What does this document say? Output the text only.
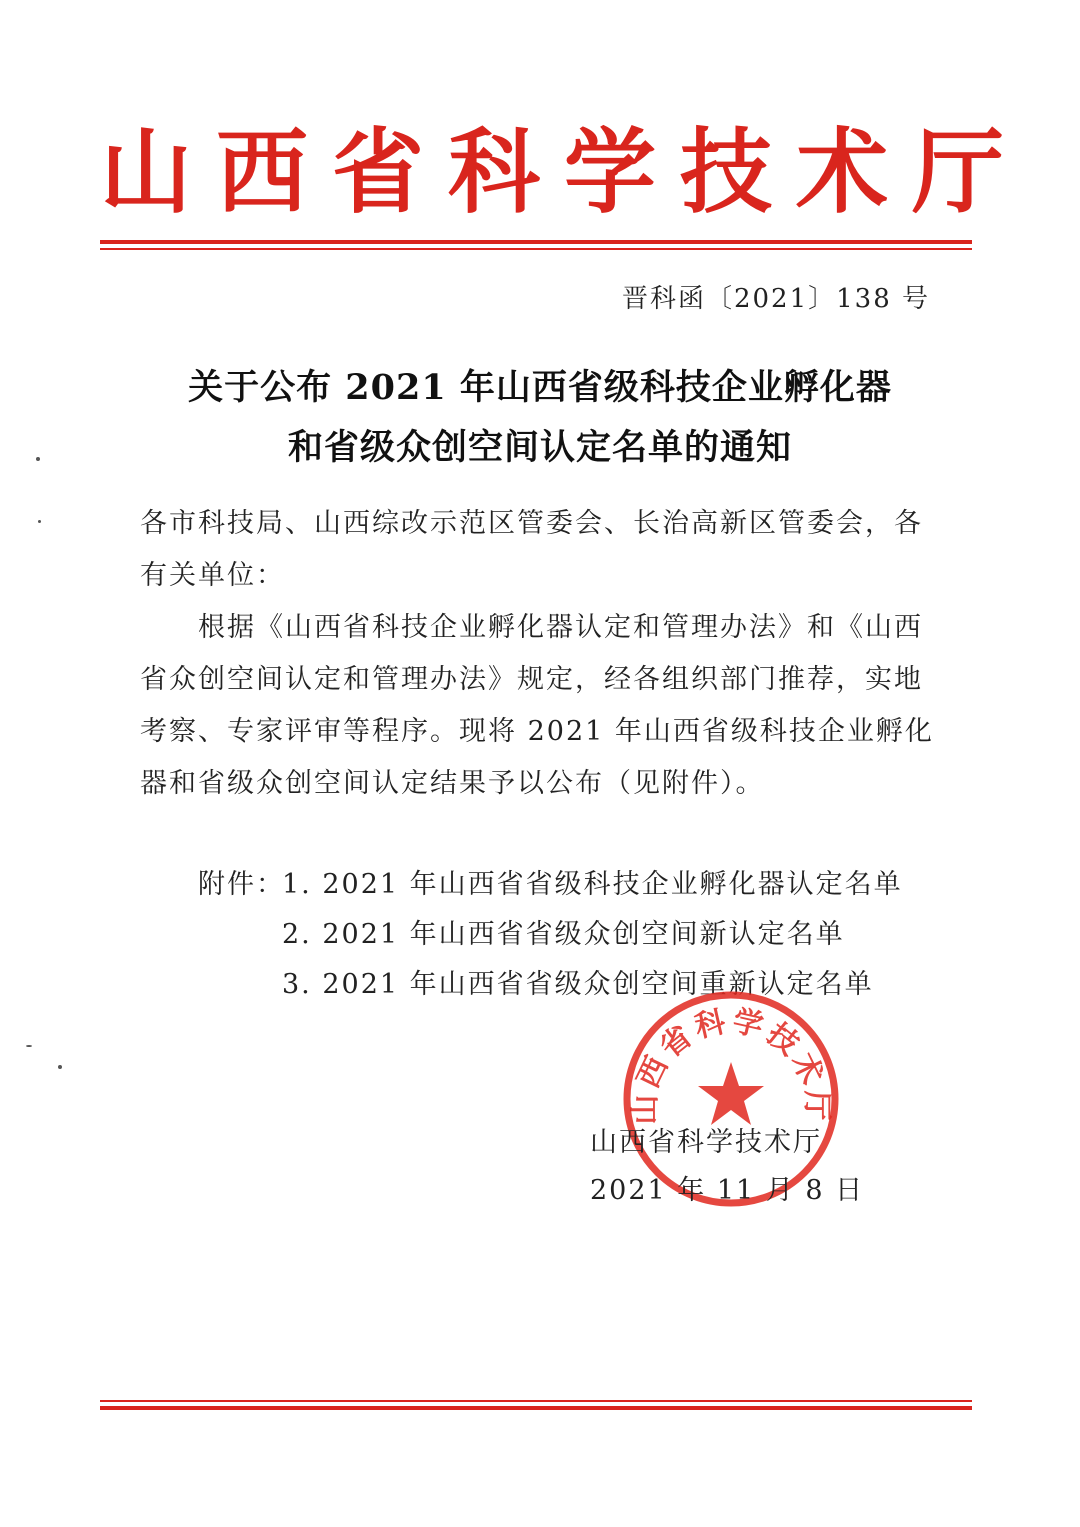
山西省科学技术厅
晋科函〔2021〕138 号
关于公布 2021 年山西省级科技企业孵化器
和省级众创空间认定名单的通知
各市科技局、山西综改示范区管委会、长治高新区管委会，各有关单位：
根据《山西省科技企业孵化器认定和管理办法》和《山西省众创空间认定和管理办法》规定，经各组织部门推荐，实地考察、专家评审等程序。现将 2021 年山西省级科技企业孵化器和省级众创空间认定结果予以公布（见附件）。
附件：
1. 2021 年山西省省级科技企业孵化器认定名单
2. 2021 年山西省省级众创空间新认定名单
3. 2021 年山西省省级众创空间重新认定名单
山西省科学技术厅
山西省科学技术厅
2021 年 11 月 8 日
